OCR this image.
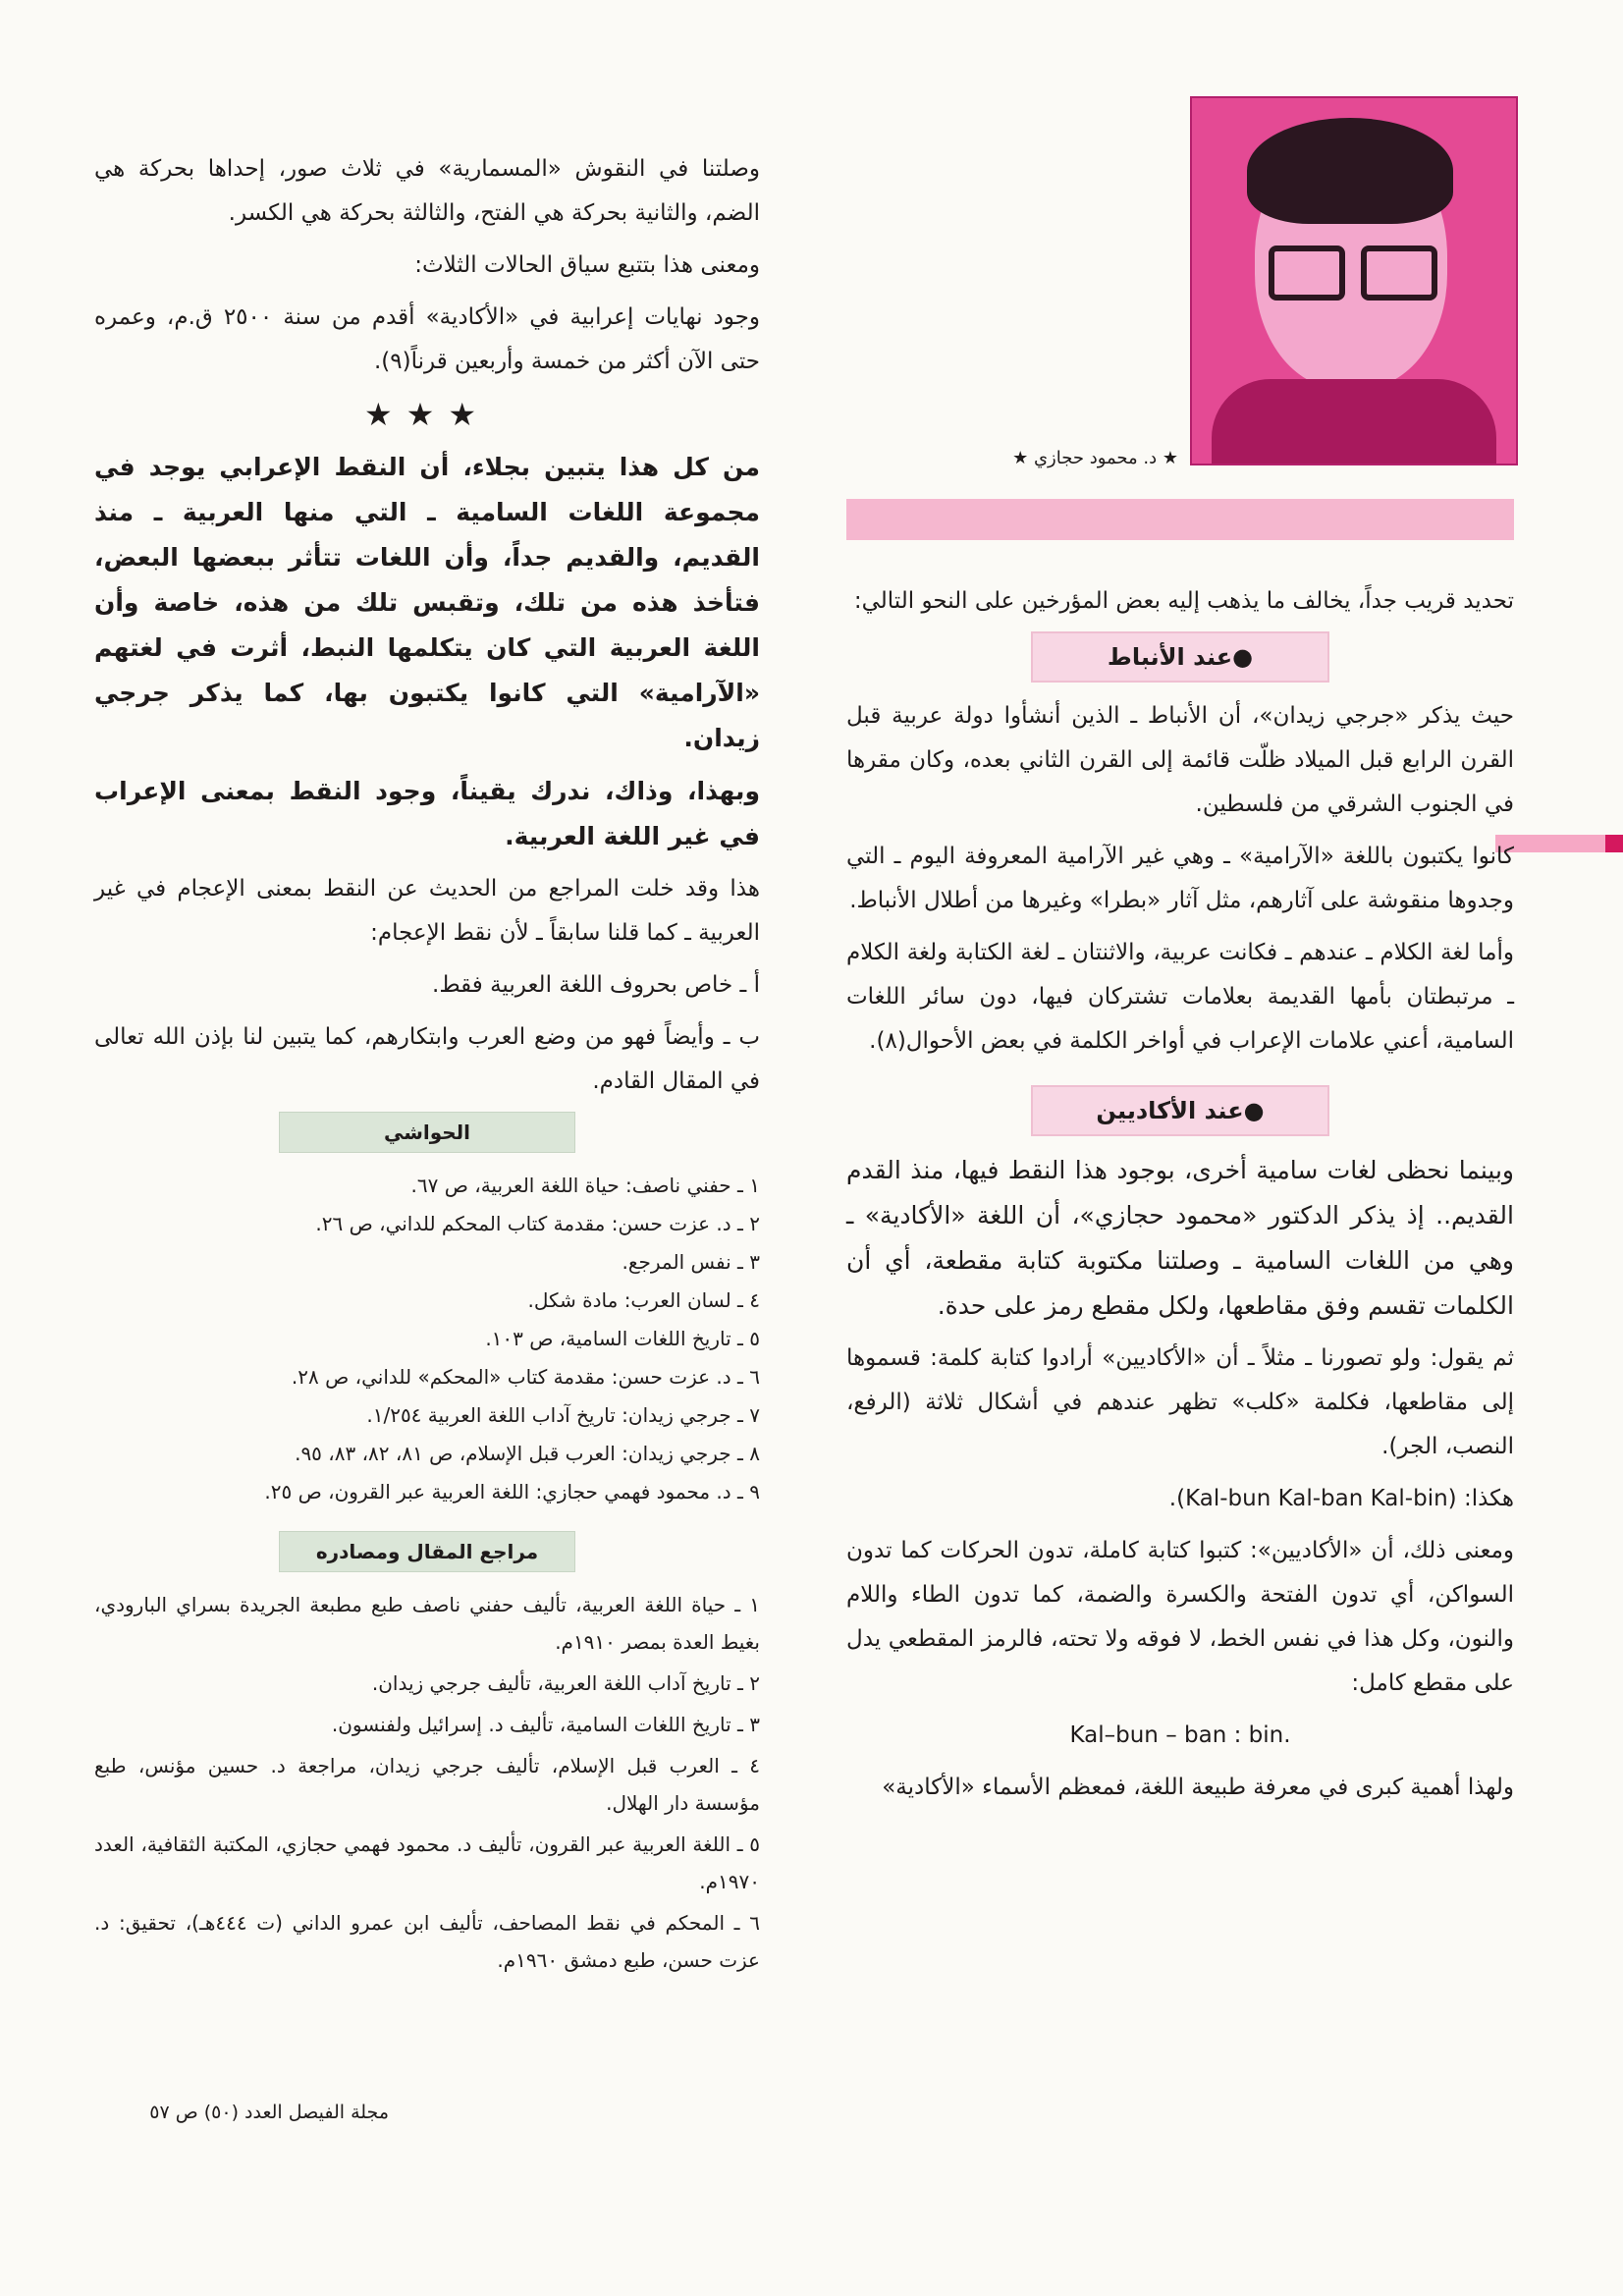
★ د. محمود حجازي ★

تحديد قريب جداً، يخالف ما يذهب إليه بعض المؤرخين على النحو التالي:

●عند الأنباط

حيث يذكر «جرجي زيدان»، أن الأنباط ـ الذين أنشأوا دولة عربية قبل القرن الرابع قبل الميلاد ظلّت قائمة إلى القرن الثاني بعده، وكان مقرها في الجنوب الشرقي من فلسطين.

كانوا يكتبون باللغة «الآرامية» ـ وهي غير الآرامية المعروفة اليوم ـ التي وجدوها منقوشة على آثارهم، مثل آثار «بطرا» وغيرها من أطلال الأنباط.

وأما لغة الكلام ـ عندهم ـ فكانت عربية، والاثنتان ـ لغة الكتابة ولغة الكلام ـ مرتبطتان بأمها القديمة بعلامات تشتركان فيها، دون سائر اللغات السامية، أعني علامات الإعراب في أواخر الكلمة في بعض الأحوال(٨).

●عند الأكاديين

وبينما نحظى لغات سامية أخرى، بوجود هذا النقط فيها، منذ القدم القديم.. إذ يذكر الدكتور «محمود حجازي»، أن اللغة «الأكادية» ـ وهي من اللغات السامية ـ وصلتنا مكتوبة كتابة مقطعة، أي أن الكلمات تقسم وفق مقاطعها، ولكل مقطع رمز على حدة.

ثم يقول: ولو تصورنا ـ مثلاً ـ أن «الأكاديين» أرادوا كتابة كلمة: قسموها إلى مقاطعها، فكلمة «كلب» تظهر عندهم في أشكال ثلاثة (الرفع، النصب، الجر).

هكذا: (Kal-bun Kal-ban Kal-bin).

ومعنى ذلك، أن «الأكاديين»: كتبوا كتابة كاملة، تدون الحركات كما تدون السواكن، أي تدون الفتحة والكسرة والضمة، كما تدون الطاء واللام والنون، وكل هذا في نفس الخط، لا فوقه ولا تحته، فالرمز المقطعي يدل على مقطع كامل:

Kal–bun – ban : bin.

ولهذا أهمية كبرى في معرفة طبيعة اللغة، فمعظم الأسماء «الأكادية»

وصلتنا في النقوش «المسمارية» في ثلاث صور، إحداها بحركة هي الضم، والثانية بحركة هي الفتح، والثالثة بحركة هي الكسر.

ومعنى هذا بتتبع سياق الحالات الثلاث:

وجود نهايات إعرابية في «الأكادية» أقدم من سنة ٢٥٠٠ ق.م، وعمره حتى الآن أكثر من خمسة وأربعين قرناً(٩).

★★★

من كل هذا يتبين بجلاء، أن النقط الإعرابي يوجد في مجموعة اللغات السامية ـ التي منها العربية ـ منذ القديم، والقديم جداً، وأن اللغات تتأثر ببعضها البعض، فتأخذ هذه من تلك، وتقبس تلك من هذه، خاصة وأن اللغة العربية التي كان يتكلمها النبط، أثرت في لغتهم «الآرامية» التي كانوا يكتبون بها، كما يذكر جرجي زيدان.

وبهذا، وذاك، ندرك يقيناً، وجود النقط بمعنى الإعراب في غير اللغة العربية.

هذا وقد خلت المراجع من الحديث عن النقط بمعنى الإعجام في غير العربية ـ كما قلنا سابقاً ـ لأن نقط الإعجام:

أ ـ خاص بحروف اللغة العربية فقط.

ب ـ وأيضاً فهو من وضع العرب وابتكارهم، كما يتبين لنا بإذن الله تعالى في المقال القادم.

الحواشي

١ ـ حفني ناصف: حياة اللغة العربية، ص ٦٧.

٢ ـ د. عزت حسن: مقدمة كتاب المحكم للداني، ص ٢٦.

٣ ـ نفس المرجع.

٤ ـ لسان العرب: مادة شكل.

٥ ـ تاريخ اللغات السامية، ص ١٠٣.

٦ ـ د. عزت حسن: مقدمة كتاب «المحكم» للداني، ص ٢٨.

٧ ـ جرجي زيدان: تاريخ آداب اللغة العربية ١/٢٥٤.

٨ ـ جرجي زيدان: العرب قبل الإسلام، ص ٨١، ٨٢، ٨٣، ٩٥.

٩ ـ د. محمود فهمي حجازي: اللغة العربية عبر القرون، ص ٢٥.

مراجع المقال ومصادره

١ ـ حياة اللغة العربية، تأليف حفني ناصف طبع مطبعة الجريدة بسراي البارودي، بغيط العدة بمصر ١٩١٠م.

٢ ـ تاريخ آداب اللغة العربية، تأليف جرجي زيدان.

٣ ـ تاريخ اللغات السامية، تأليف د. إسرائيل ولفنسون.

٤ ـ العرب قبل الإسلام، تأليف جرجي زيدان، مراجعة د. حسين مؤنس، طبع مؤسسة دار الهلال.

٥ ـ اللغة العربية عبر القرون، تأليف د. محمود فهمي حجازي، المكتبة الثقافية، العدد ١٩٧٠م.

٦ ـ المحكم في نقط المصاحف، تأليف ابن عمرو الداني (ت ٤٤٤هـ)، تحقيق: د. عزت حسن، طبع دمشق ١٩٦٠م.

مجلة الفيصل العدد (٥٠) ص ٥٧
